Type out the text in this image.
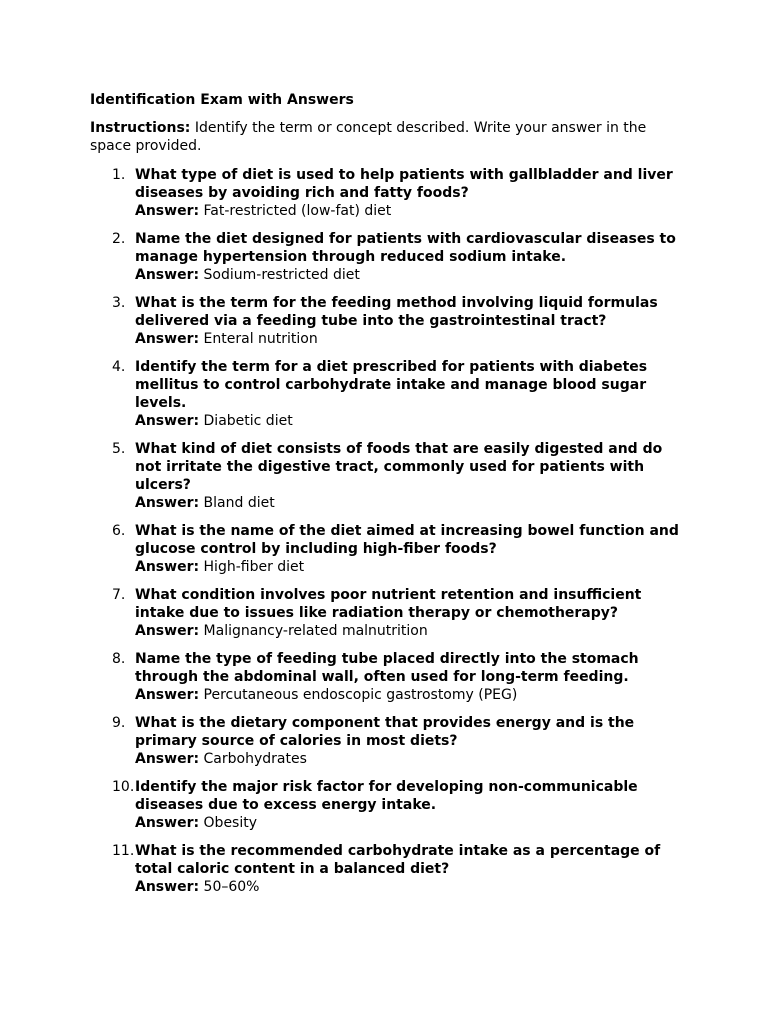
Identification Exam with Answers
Instructions: Identify the term or concept described. Write your answer in the space provided.
1. What type of diet is used to help patients with gallbladder and liver diseases by avoiding rich and fatty foods?
Answer: Fat-restricted (low-fat) diet
2. Name the diet designed for patients with cardiovascular diseases to manage hypertension through reduced sodium intake.
Answer: Sodium-restricted diet
3. What is the term for the feeding method involving liquid formulas delivered via a feeding tube into the gastrointestinal tract?
Answer: Enteral nutrition
4. Identify the term for a diet prescribed for patients with diabetes mellitus to control carbohydrate intake and manage blood sugar levels.
Answer: Diabetic diet
5. What kind of diet consists of foods that are easily digested and do not irritate the digestive tract, commonly used for patients with ulcers?
Answer: Bland diet
6. What is the name of the diet aimed at increasing bowel function and glucose control by including high-fiber foods?
Answer: High-fiber diet
7. What condition involves poor nutrient retention and insufficient intake due to issues like radiation therapy or chemotherapy?
Answer: Malignancy-related malnutrition
8. Name the type of feeding tube placed directly into the stomach through the abdominal wall, often used for long-term feeding.
Answer: Percutaneous endoscopic gastrostomy (PEG)
9. What is the dietary component that provides energy and is the primary source of calories in most diets?
Answer: Carbohydrates
10. Identify the major risk factor for developing non-communicable diseases due to excess energy intake.
Answer: Obesity
11. What is the recommended carbohydrate intake as a percentage of total caloric content in a balanced diet?
Answer: 50–60%
